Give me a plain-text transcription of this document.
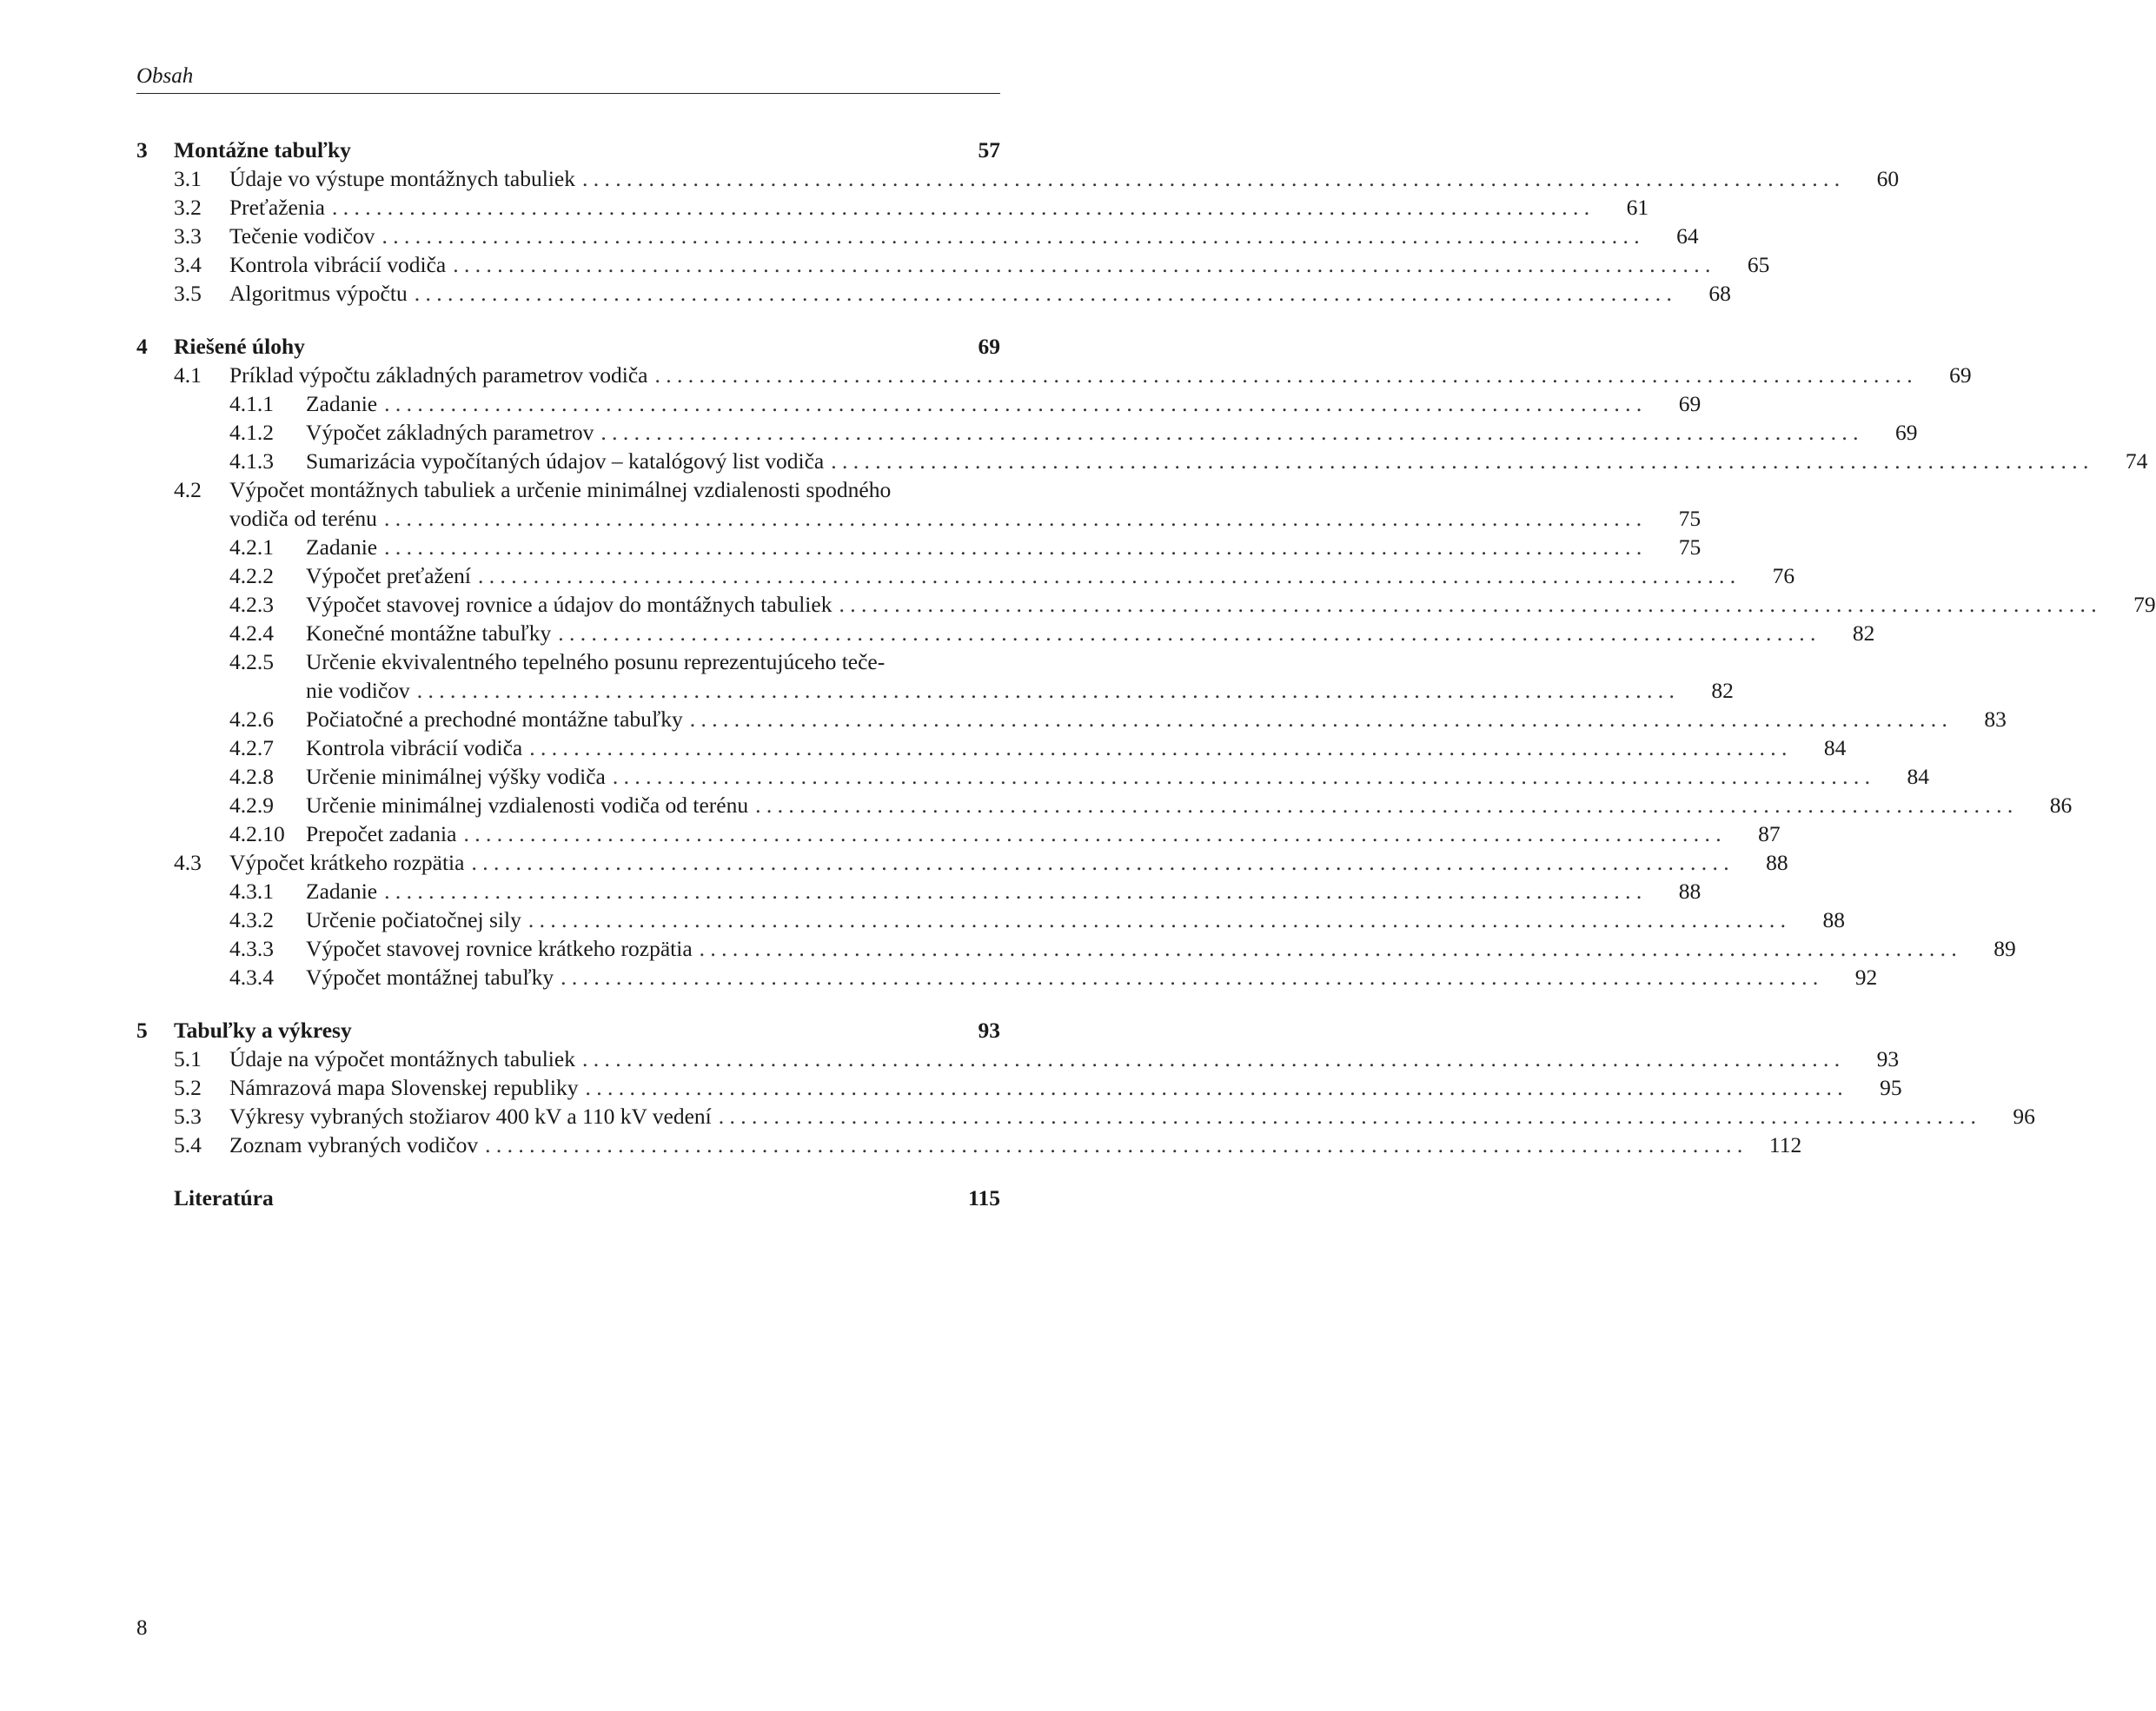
Obsah
3	Montážne tabuľky	57
3.1	Údaje vo výstupe montážnych tabuliek . . .	60
3.2	Preťaženia . . .	61
3.3	Tečenie vodičov . . .	64
3.4	Kontrola vibrácií vodiča . . .	65
3.5	Algoritmus výpočtu . . .	68
4	Riešené úlohy	69
4.1	Príklad výpočtu základných parametrov vodiča . . .	69
4.1.1	Zadanie . . .	69
4.1.2	Výpočet základných parametrov . . .	69
4.1.3	Sumarizácia vypočítaných údajov – katalógový list vodiča . . .	74
4.2	Výpočet montážnych tabuliek a určenie minimálnej vzdialenosti spodného
vodiča od terénu . . .	75
4.2.1	Zadanie . . .	75
4.2.2	Výpočet preťažení . . .	76
4.2.3	Výpočet stavovej rovnice a údajov do montážnych tabuliek . . .	79
4.2.4	Konečné montážne tabuľky . . .	82
4.2.5	Určenie ekvivalentného tepelného posunu reprezentujúceho teče-
nie vodičov . . .	82
4.2.6	Počiatočné a prechodné montážne tabuľky . . .	83
4.2.7	Kontrola vibrácií vodiča . . .	84
4.2.8	Určenie minimálnej výšky vodiča . . .	84
4.2.9	Určenie minimálnej vzdialenosti vodiča od terénu . . .	86
4.2.10 Prepočet zadania . . .	87
4.3	Výpočet krátkeho rozpätia . . .	88
4.3.1	Zadanie . . .	88
4.3.2	Určenie počiatočnej sily . . .	88
4.3.3	Výpočet stavovej rovnice krátkeho rozpätia . . .	89
4.3.4	Výpočet montážnej tabuľky . . .	92
5	Tabuľky a výkresy	93
5.1	Údaje na výpočet montážnych tabuliek . . .	93
5.2	Námrazová mapa Slovenskej republiky . . .	95
5.3	Výkresy vybraných stožiarov 400 kV a 110 kV vedení . . .	96
5.4	Zoznam vybraných vodičov . . .	112
Literatúra	115
8
